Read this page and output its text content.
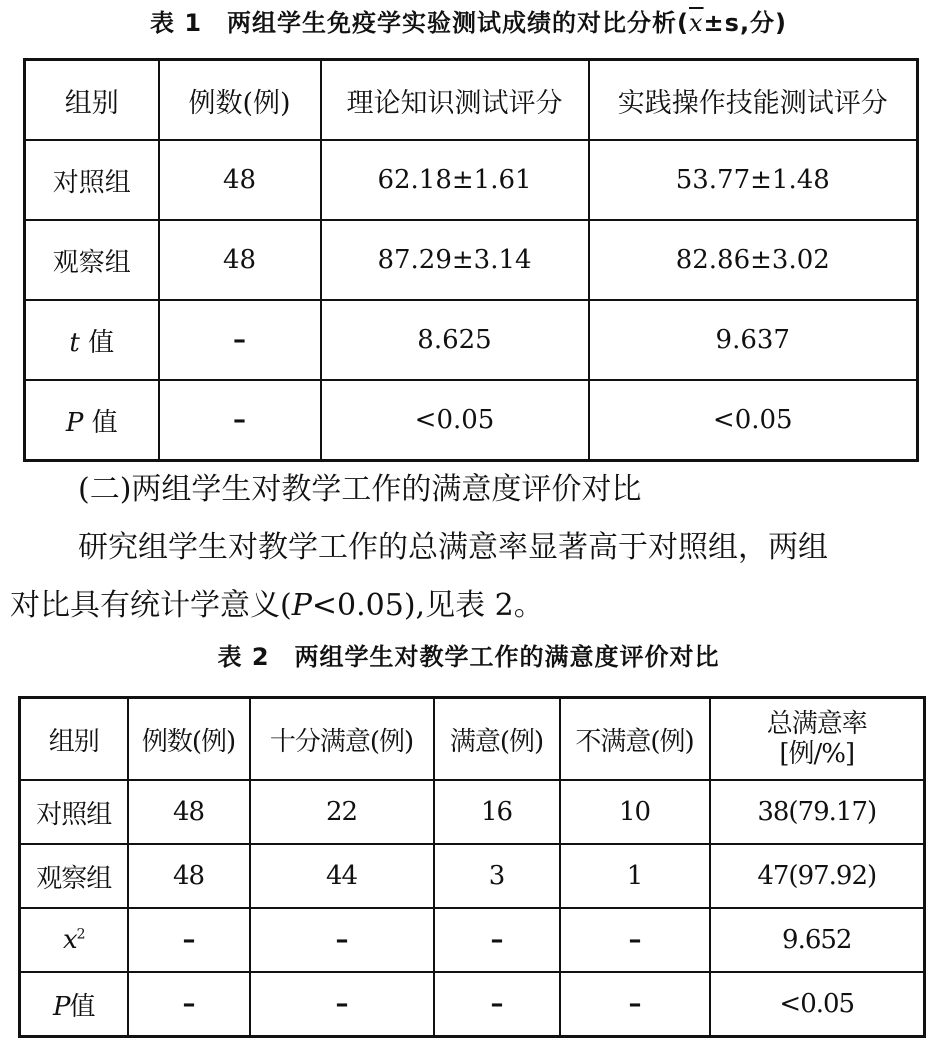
表 1　两组学生免疫学实验测试成绩的对比分析($\overline{x}\pm s$,分)
组别	例数(例)	理论知识测试评分	实践操作技能测试评分
对照组	48	62.18±1.61	53.77±1.48
观察组	48	87.29±3.14	82.86±3.02
t 值	–	8.625	9.637
P 值	–	<0.05	<0.05
(二)两组学生对教学工作的满意度评价对比
研究组学生对教学工作的总满意率显著高于对照组，两组
对比具有统计学意义(P<0.05),见表 2。
表 2　两组学生对教学工作的满意度评价对比
组别	例数(例)	十分满意(例)	满意(例)	不满意(例)	总满意率
[例/%]

对照组	48	22	16	10	38(79.17)
观察组	48	44	3	1	47(97.92)
$x^2$	–	–	–	–	9.652
P值	–	–	–	–	<0.05
